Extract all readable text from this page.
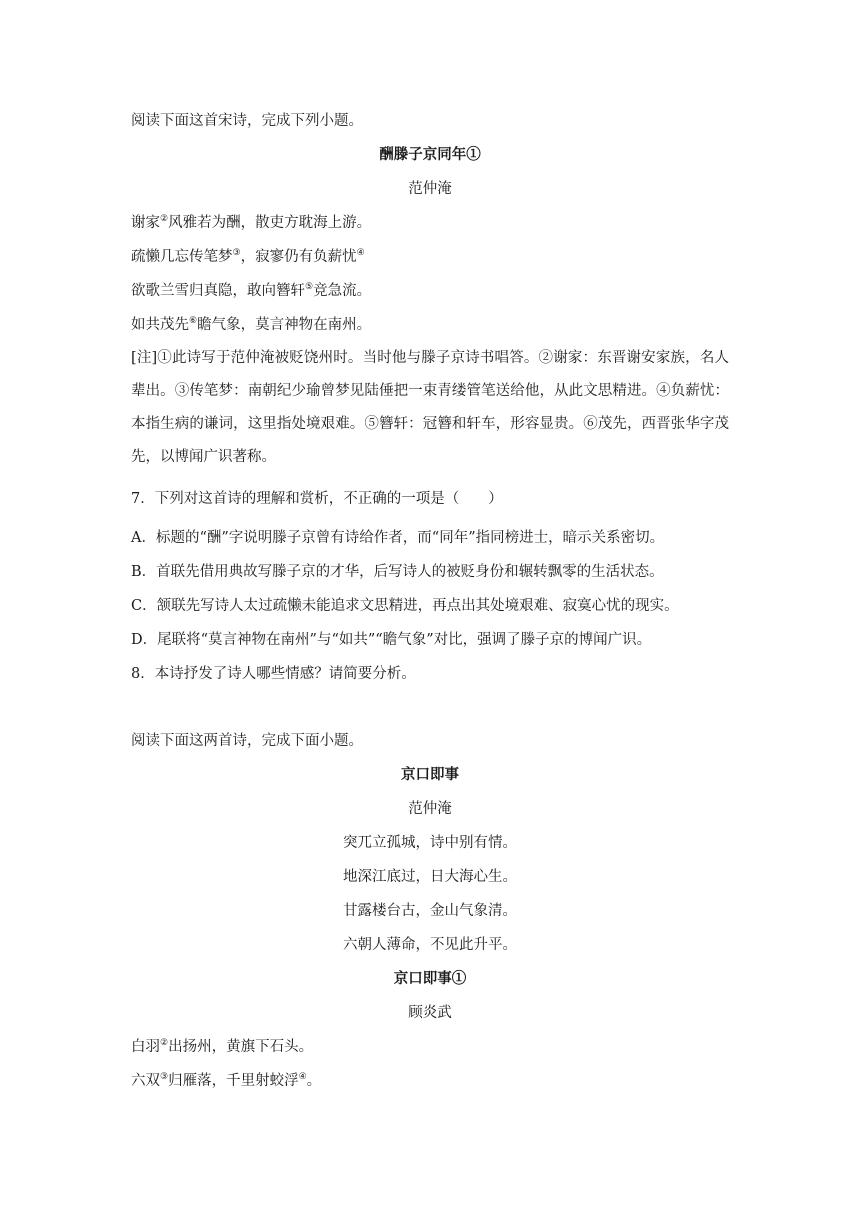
阅读下面这首宋诗，完成下列小题。
酬滕子京同年①
范仲淹
谢家②风雅若为酬，散吏方耽海上游。
疏懒几忘传笔梦③，寂寥仍有负薪忧④
欲歌兰雪归真隐，敢向簪轩⑤竞急流。
如共茂先⑥瞻气象，莫言神物在南州。
[注]①此诗写于范仲淹被贬饶州时。当时他与滕子京诗书唱答。②谢家：东晋谢安家族，名人辈出。③传笔梦：南朝纪少瑜曾梦见陆倕把一束青缕管笔送给他，从此文思精进。④负薪忧：本指生病的谦词，这里指处境艰难。⑤簪轩：冠簪和轩车，形容显贵。⑥茂先，西晋张华字茂先，以博闻广识著称。
7．下列对这首诗的理解和赏析，不正确的一项是（　　）
A．标题的“酬”字说明滕子京曾有诗给作者，而“同年”指同榜进士，暗示关系密切。
B．首联先借用典故写滕子京的才华，后写诗人的被贬身份和辗转飘零的生活状态。
C．颔联先写诗人太过疏懒未能追求文思精进，再点出其处境艰难、寂寞心忧的现实。
D．尾联将“莫言神物在南州”与“如共”“瞻气象”对比，强调了滕子京的博闻广识。
8．本诗抒发了诗人哪些情感？请简要分析。
阅读下面这两首诗，完成下面小题。
京口即事
范仲淹
突兀立孤城，诗中别有情。
地深江底过，日大海心生。
甘露楼台古，金山气象清。
六朝人薄命，不见此升平。
京口即事①
顾炎武
白羽②出扬州，黄旗下石头。
六双③归雁落，千里射蛟浮④。
